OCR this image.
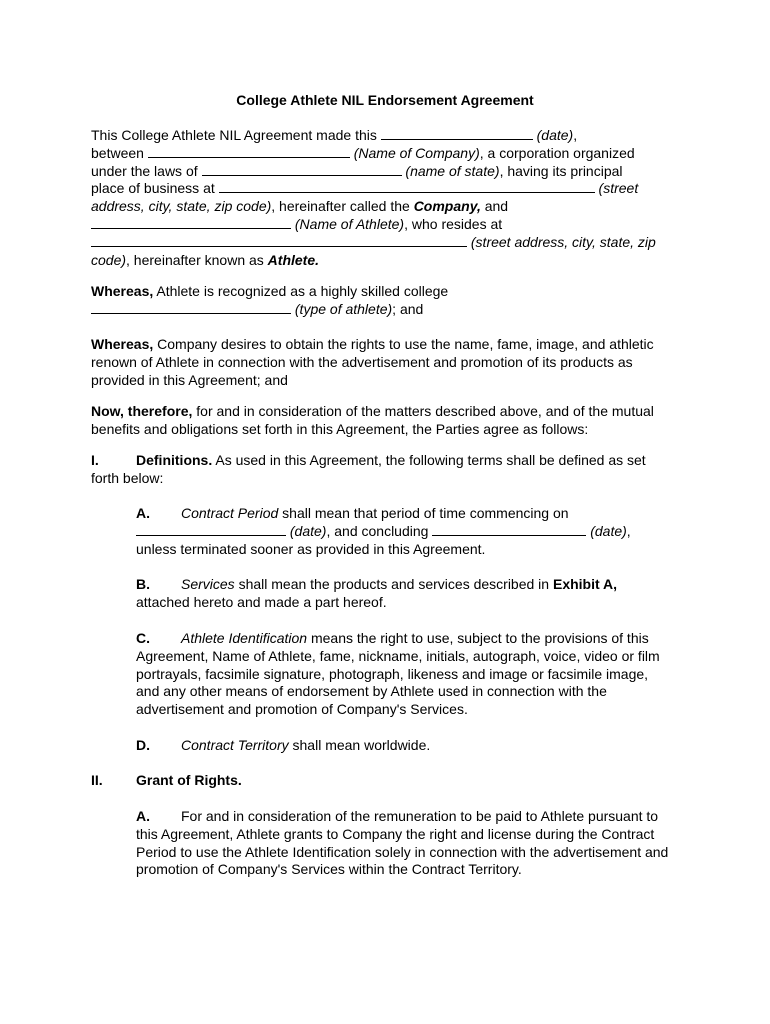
College Athlete NIL Endorsement Agreement
This College Athlete NIL Agreement made this	(date),
between	(Name of Company), a corporation organized
under the laws of	(name of state), having its principal
place of business at	(street
address, city, state, zip code), hereinafter called the Company, and
(Name of Athlete), who resides at
(street address, city, state, zip
code), hereinafter known as Athlete.
Whereas, Athlete is recognized as a highly skilled college
(type of athlete); and
Whereas, Company desires to obtain the rights to use the name, fame, image, and athletic renown of Athlete in connection with the advertisement and promotion of its products as provided in this Agreement; and
Now, therefore, for and in consideration of the matters described above, and of the mutual benefits and obligations set forth in this Agreement, the Parties agree as follows:
I.	Definitions. As used in this Agreement, the following terms shall be defined as set forth below:
A. Contract Period shall mean that period of time commencing on
(date), and concluding	(date),
unless terminated sooner as provided in this Agreement.
B. Services shall mean the products and services described in Exhibit A, attached hereto and made a part hereof.
C. Athlete Identification means the right to use, subject to the provisions of this Agreement, Name of Athlete, fame, nickname, initials, autograph, voice, video or film portrayals, facsimile signature, photograph, likeness and image or facsimile image, and any other means of endorsement by Athlete used in connection with the advertisement and promotion of Company's Services.
D. Contract Territory shall mean worldwide.
II. Grant of Rights.
A. For and in consideration of the remuneration to be paid to Athlete pursuant to this Agreement, Athlete grants to Company the right and license during the Contract Period to use the Athlete Identification solely in connection with the advertisement and promotion of Company's Services within the Contract Territory.
